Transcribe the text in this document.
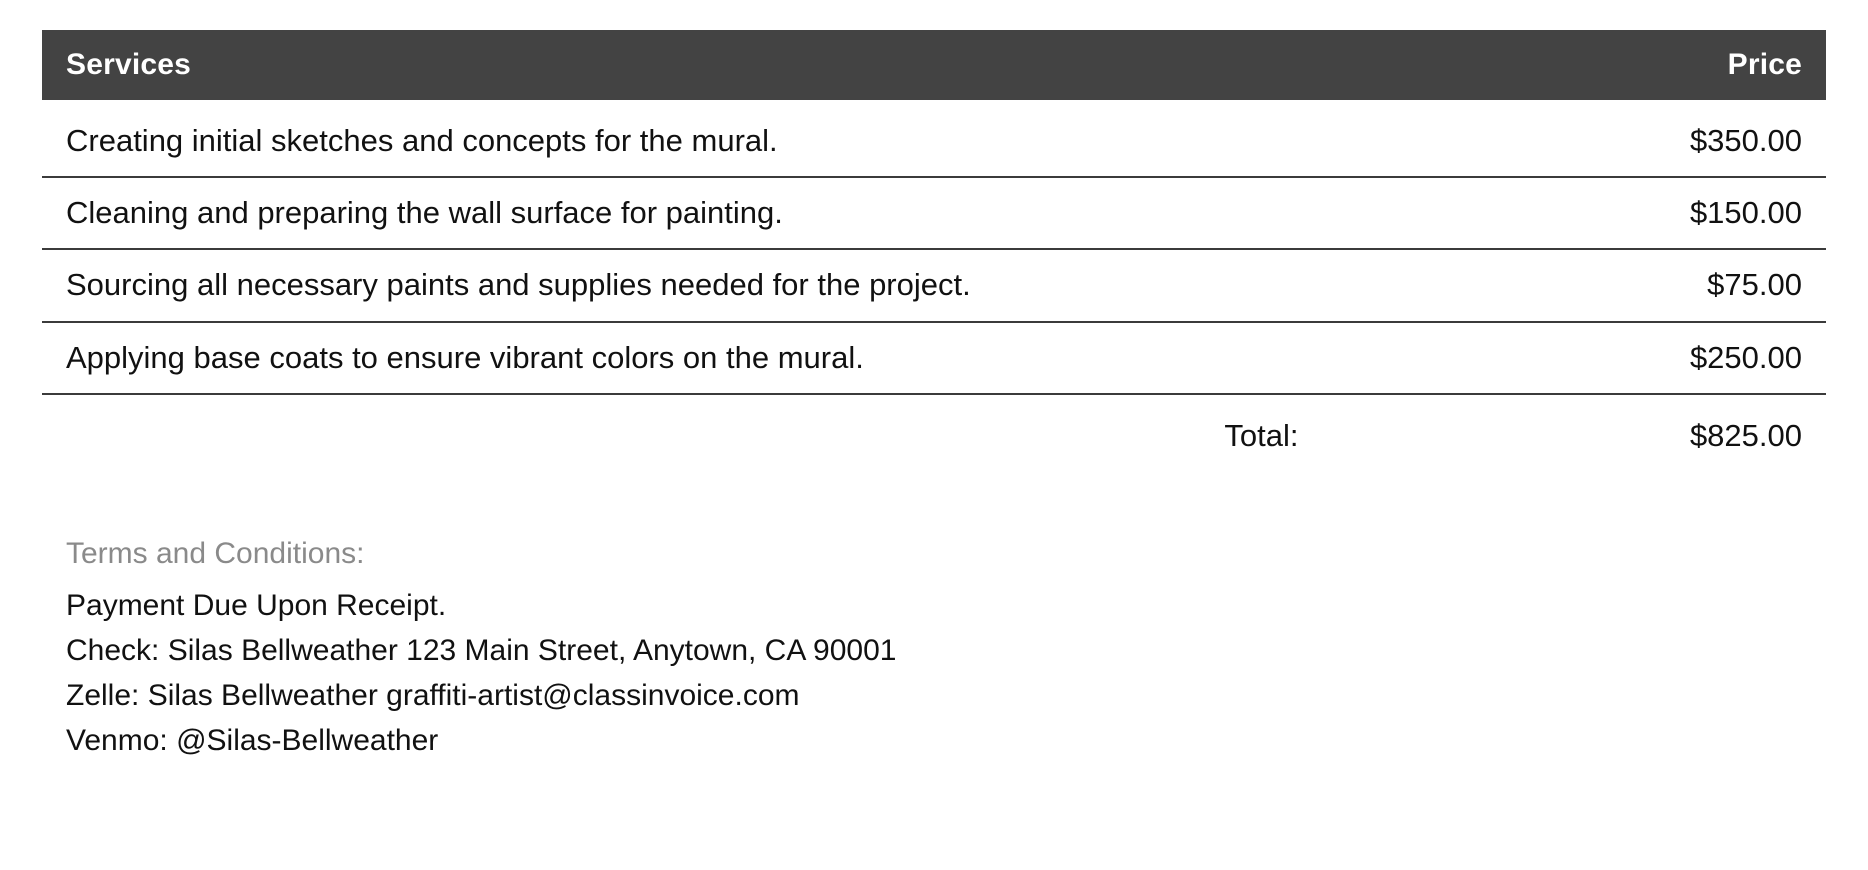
Services	Price
Creating initial sketches and concepts for the mural.	$350.00
Cleaning and preparing the wall surface for painting.	$150.00
Sourcing all necessary paints and supplies needed for the project.	$75.00
Applying base coats to ensure vibrant colors on the mural.	$250.00
Total:	$825.00
Terms and Conditions:
Payment Due Upon Receipt.
Check: Silas Bellweather 123 Main Street, Anytown, CA 90001
Zelle: Silas Bellweather graffiti-artist@classinvoice.com
Venmo: @Silas-Bellweather
